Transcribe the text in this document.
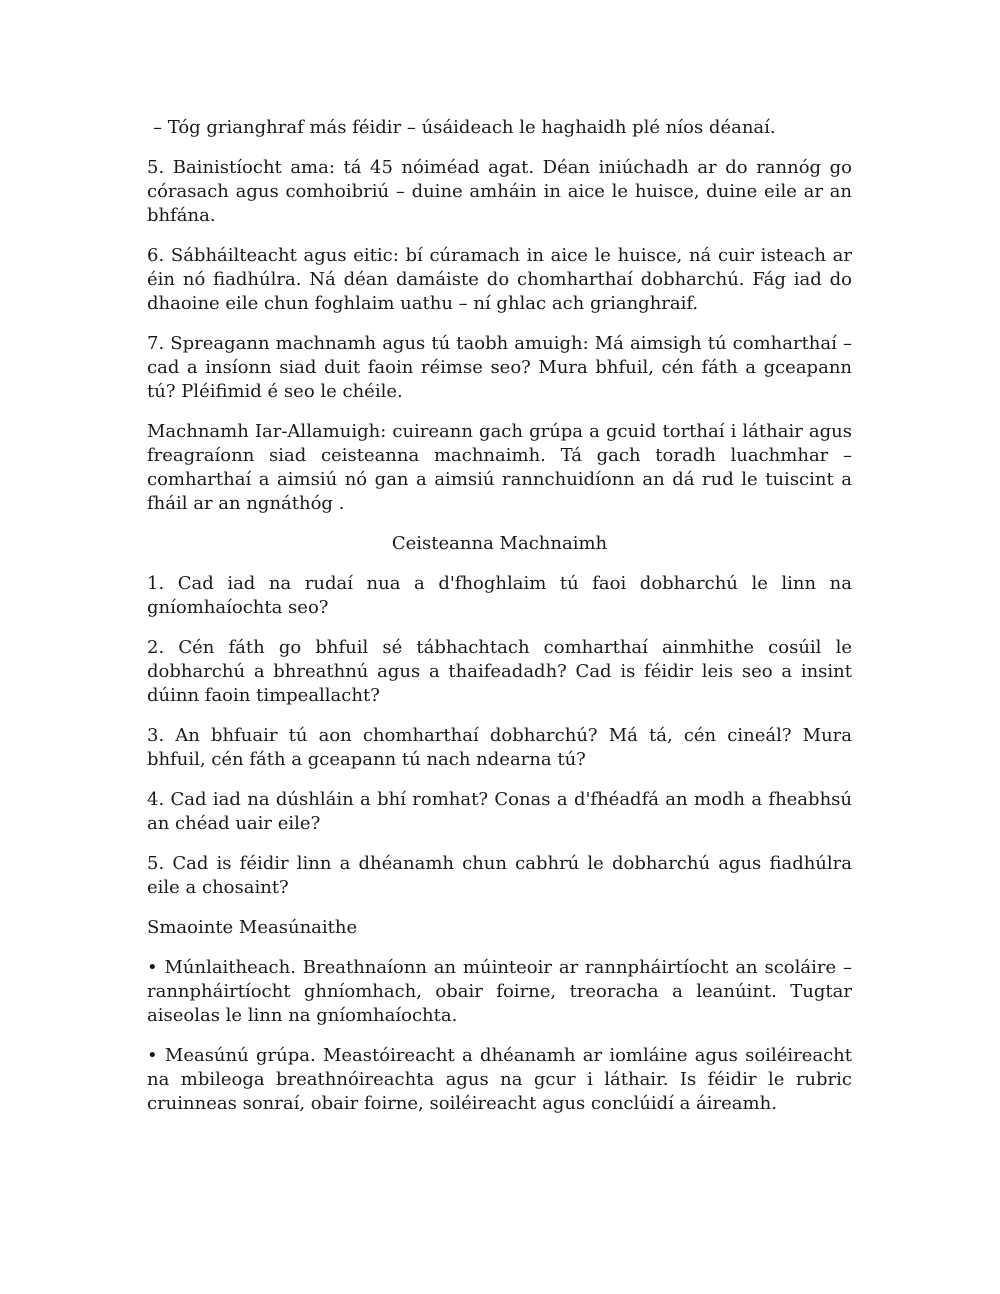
– Tóg grianghraf más féidir – úsáideach le haghaidh plé níos déanaí.

5. Bainistíocht ama: tá 45 nóiméad agat. Déan iniúchadh ar do rannóg go córasach agus comhoibriú – duine amháin in aice le huisce, duine eile ar an bhfána.

6. Sábháilteacht agus eitic: bí cúramach in aice le huisce, ná cuir isteach ar éin nó fiadhúlra. Ná déan damáiste do chomharthaí dobharchú. Fág iad do dhaoine eile chun foghlaim uathu – ní ghlac ach grianghraif.

7. Spreagann machnamh agus tú taobh amuigh: Má aimsigh tú comharthaí – cad a insíonn siad duit faoin réimse seo? Mura bhfuil, cén fáth a gceapann tú? Pléifimid é seo le chéile.

Machnamh Iar-Allamuigh: cuireann gach grúpa a gcuid torthaí i láthair agus freagraíonn siad ceisteanna machnaimh. Tá gach toradh luachmhar – comharthaí a aimsiú nó gan a aimsiú rannchuidíonn an dá rud le tuiscint a fháil ar an ngnáthóg .

Ceisteanna Machnaimh

1. Cad iad na rudaí nua a d'fhoghlaim tú faoi dobharchú le linn na gníomhaíochta seo?

2. Cén fáth go bhfuil sé tábhachtach comharthaí ainmhithe cosúil le dobharchú a bhreathnú agus a thaifeadadh? Cad is féidir leis seo a insint dúinn faoin timpeallacht?

3. An bhfuair tú aon chomharthaí dobharchú? Má tá, cén cineál? Mura bhfuil, cén fáth a gceapann tú nach ndearna tú?

4. Cad iad na dúshláin a bhí romhat? Conas a d'fhéadfá an modh a fheabhsú an chéad uair eile?

5. Cad is féidir linn a dhéanamh chun cabhrú le dobharchú agus fiadhúlra eile a chosaint?

Smaointe Measúnaithe

• Múnlaitheach. Breathnaíonn an múinteoir ar rannpháirtíocht an scoláire – rannpháirtíocht ghníomhach, obair foirne, treoracha a leanúint. Tugtar aiseolas le linn na gníomhaíochta.

• Measúnú grúpa. Meastóireacht a dhéanamh ar iomláine agus soiléireacht na mbileoga breathnóireachta agus na gcur i láthair. Is féidir le rubric cruinneas sonraí, obair foirne, soiléireacht agus conclúidí a áireamh.
